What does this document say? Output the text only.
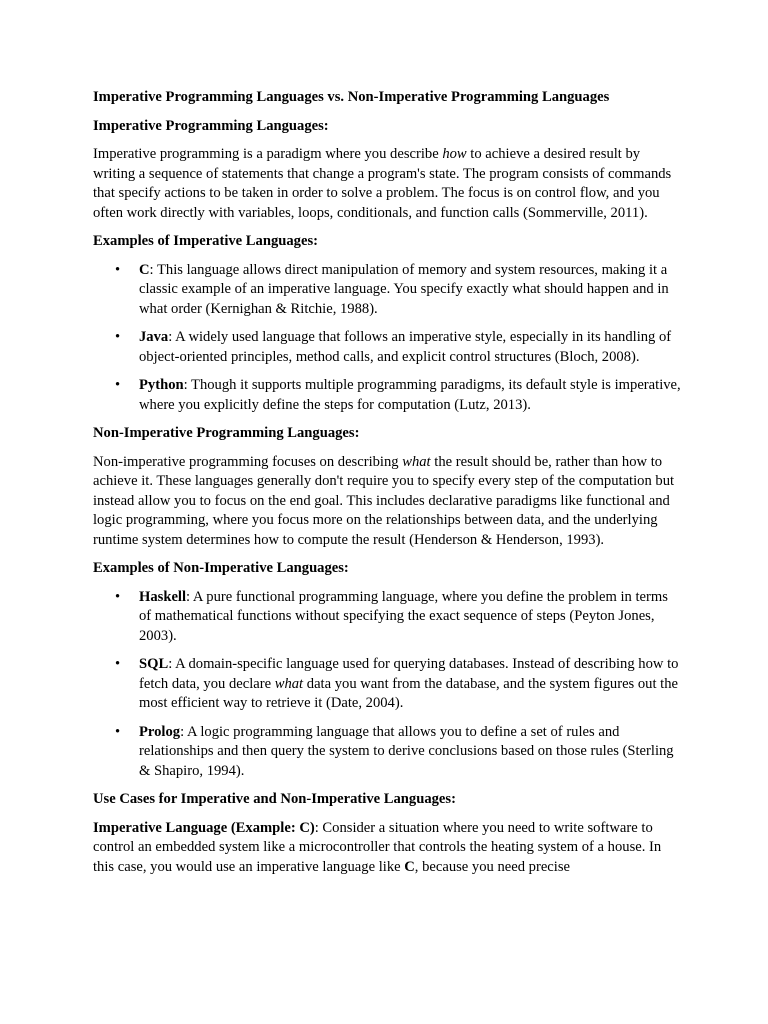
Imperative Programming Languages vs. Non-Imperative Programming Languages

Imperative Programming Languages:

Imperative programming is a paradigm where you describe how to achieve a desired result by writing a sequence of statements that change a program's state. The program consists of commands that specify actions to be taken in order to solve a problem. The focus is on control flow, and you often work directly with variables, loops, conditionals, and function calls (Sommerville, 2011).

Examples of Imperative Languages:

• C: This language allows direct manipulation of memory and system resources, making it a classic example of an imperative language. You specify exactly what should happen and in what order (Kernighan & Ritchie, 1988).
• Java: A widely used language that follows an imperative style, especially in its handling of object-oriented principles, method calls, and explicit control structures (Bloch, 2008).
• Python: Though it supports multiple programming paradigms, its default style is imperative, where you explicitly define the steps for computation (Lutz, 2013).

Non-Imperative Programming Languages:

Non-imperative programming focuses on describing what the result should be, rather than how to achieve it. These languages generally don't require you to specify every step of the computation but instead allow you to focus on the end goal. This includes declarative paradigms like functional and logic programming, where you focus more on the relationships between data, and the underlying runtime system determines how to compute the result (Henderson & Henderson, 1993).

Examples of Non-Imperative Languages:

• Haskell: A pure functional programming language, where you define the problem in terms of mathematical functions without specifying the exact sequence of steps (Peyton Jones, 2003).
• SQL: A domain-specific language used for querying databases. Instead of describing how to fetch data, you declare what data you want from the database, and the system figures out the most efficient way to retrieve it (Date, 2004).
• Prolog: A logic programming language that allows you to define a set of rules and relationships and then query the system to derive conclusions based on those rules (Sterling & Shapiro, 1994).

Use Cases for Imperative and Non-Imperative Languages:

Imperative Language (Example: C): Consider a situation where you need to write software to control an embedded system like a microcontroller that controls the heating system of a house. In this case, you would use an imperative language like C, because you need precise
